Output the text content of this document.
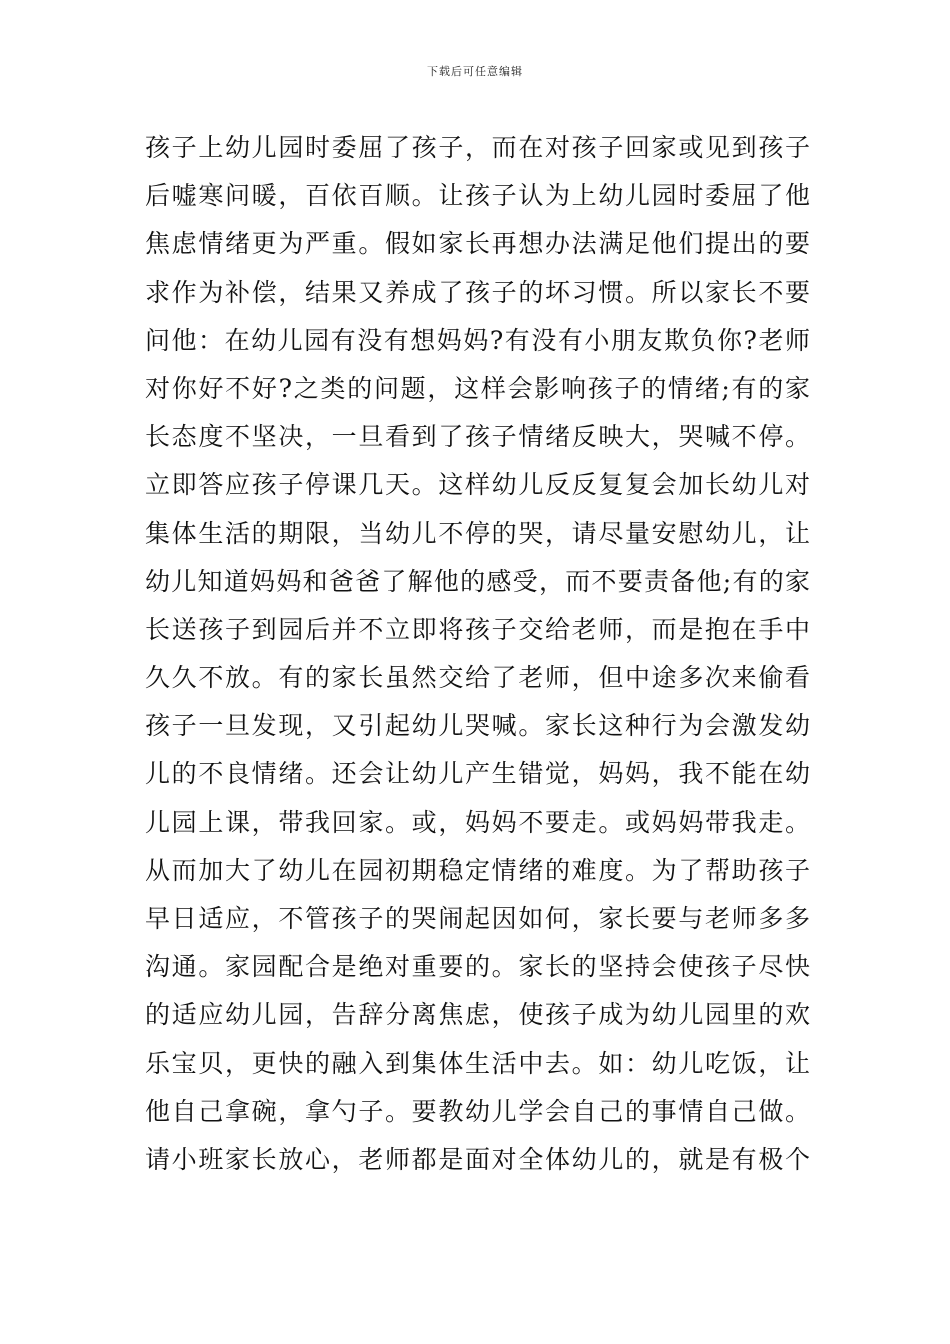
下载后可任意编辑
孩子上幼儿园时委屈了孩子，而在对孩子回家或见到孩子
后嘘寒问暖，百依百顺。让孩子认为上幼儿园时委屈了他
焦虑情绪更为严重。假如家长再想办法满足他们提出的要
求作为补偿，结果又养成了孩子的坏习惯。所以家长不要
问他：在幼儿园有没有想妈妈?有没有小朋友欺负你?老师
对你好不好?之类的问题，这样会影响孩子的情绪;有的家
长态度不坚决，一旦看到了孩子情绪反映大，哭喊不停。
立即答应孩子停课几天。这样幼儿反反复复会加长幼儿对
集体生活的期限，当幼儿不停的哭，请尽量安慰幼儿，让
幼儿知道妈妈和爸爸了解他的感受，而不要责备他;有的家
长送孩子到园后并不立即将孩子交给老师，而是抱在手中
久久不放。有的家长虽然交给了老师，但中途多次来偷看
孩子一旦发现，又引起幼儿哭喊。家长这种行为会激发幼
儿的不良情绪。还会让幼儿产生错觉，妈妈，我不能在幼
儿园上课，带我回家。或，妈妈不要走。或妈妈带我走。
从而加大了幼儿在园初期稳定情绪的难度。为了帮助孩子
早日适应，不管孩子的哭闹起因如何，家长要与老师多多
沟通。家园配合是绝对重要的。家长的坚持会使孩子尽快
的适应幼儿园，告辞分离焦虑，使孩子成为幼儿园里的欢
乐宝贝，更快的融入到集体生活中去。如：幼儿吃饭，让
他自己拿碗，拿勺子。要教幼儿学会自己的事情自己做。
请小班家长放心，老师都是面对全体幼儿的，就是有极个
